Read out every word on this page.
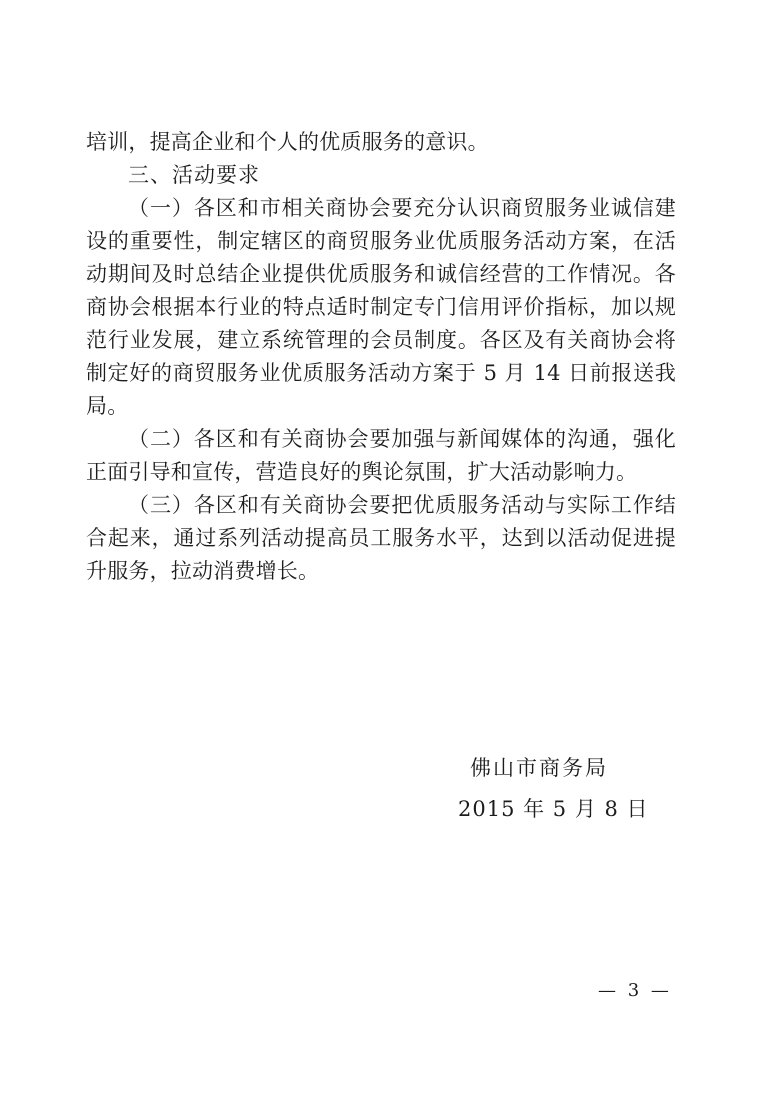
培训，提高企业和个人的优质服务的意识。

三、活动要求

（一）各区和市相关商协会要充分认识商贸服务业诚信建设的重要性，制定辖区的商贸服务业优质服务活动方案，在活动期间及时总结企业提供优质服务和诚信经营的工作情况。各商协会根据本行业的特点适时制定专门信用评价指标，加以规范行业发展，建立系统管理的会员制度。各区及有关商协会将制定好的商贸服务业优质服务活动方案于 5 月 14 日前报送我局。

（二）各区和有关商协会要加强与新闻媒体的沟通，强化正面引导和宣传，营造良好的舆论氛围，扩大活动影响力。

（三）各区和有关商协会要把优质服务活动与实际工作结合起来，通过系列活动提高员工服务水平，达到以活动促进提升服务，拉动消费增长。

佛山市商务局
2015 年 5 月 8 日
— 3 —
